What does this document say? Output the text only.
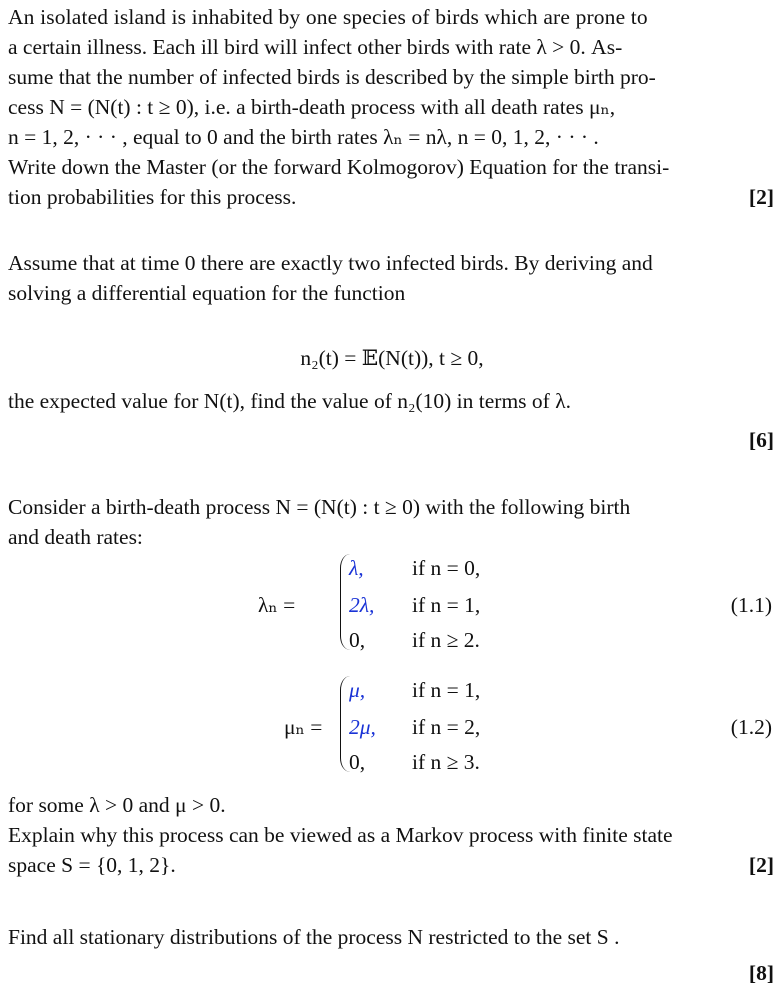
An isolated island is inhabited by one species of birds which are prone to
a certain illness. Each ill bird will infect other birds with rate λ > 0. As-
sume that the number of infected birds is described by the simple birth pro-
cess N = (N(t) : t ≥ 0), i.e. a birth-death process with all death rates μₙ,
n = 1, 2, · · · , equal to 0 and the birth rates λₙ = nλ, n = 0, 1, 2, · · · .
Write down the Master (or the forward Kolmogorov) Equation for the transi-
tion probabilities for this process.	[2]
Assume that at time 0 there are exactly two infected birds. By deriving and
solving a differential equation for the function
n₂(t) = 𝔼(N(t)), t ≥ 0,
the expected value for N(t), find the value of n₂(10) in terms of λ.
[6]
Consider a birth-death process N = (N(t) : t ≥ 0) with the following birth
and death rates:
λₙ =
λ, if n = 0,
2λ, if n = 1,
0, if n ≥ 2.
(1.1)
μₙ =
μ, if n = 1,
2μ, if n = 2,
0, if n ≥ 3.
(1.2)
for some λ > 0 and μ > 0.
Explain why this process can be viewed as a Markov process with finite state
space S = {0, 1, 2}.	[2]
Find all stationary distributions of the process N restricted to the set S .
[8]
